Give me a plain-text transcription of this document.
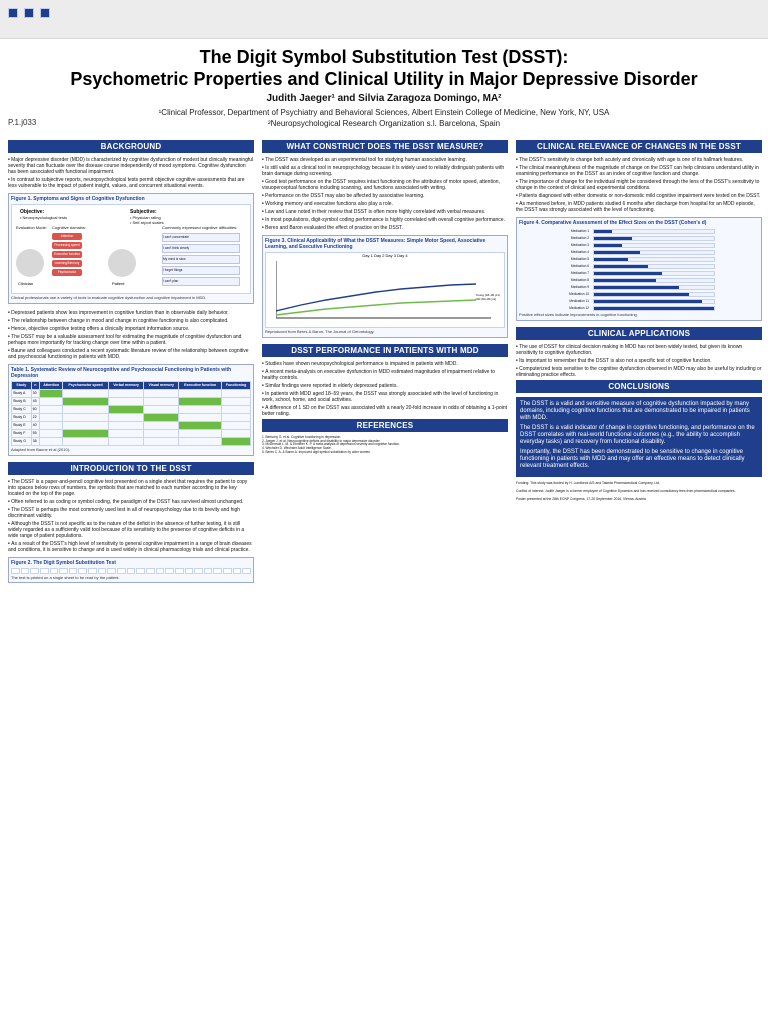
P.1.j033
The Digit Symbol Substitution Test (DSST):
Psychometric Properties and Clinical Utility in Major Depressive Disorder
Judith Jaeger¹ and Silvia Zaragoza Domingo, MA²
¹Clinical Professor, Department of Psychiatry and Behavioral Sciences, Albert Einstein College of Medicine, New York, NY, USA
²Neuropsychological Research Organization s.l. Barcelona, Spain
BACKGROUND
• Major depressive disorder (MDD) is characterized by cognitive dysfunction of modest but clinically meaningful severity that can fluctuate over the disease course independently of mood symptoms. Cognitive dysfunction has been associated with functional impairment.
• In contrast to subjective reports, neuropsychological tests permit objective cognitive assessments that are less vulnerable to the impact of patient insight, values, and concurrent situational events.
Figure 1. Symptoms and Signs of Cognitive Dysfunction
Objective:
• Neuropsychological tests
Subjective:
• Physician rating
• Self-report scales
Evaluation Mode: Cognitive domains:	Commonly expressed cognitive difficulties:
Attention
Processing speed
Executive function
Learning/Memory
Psychomotor
I can't concentrate
I can't think clearly
My mind is slow
I forget things
I can't plan
Clinician	Patient
Clinical professionals use a variety of tools to evaluate cognitive dysfunction and cognitive impairment in MDD.
• Depressed patients show less improvement in cognitive function than in observable daily behavior.
• The relationship between change in mood and change in cognitive functioning is also complicated.
• Hence, objective cognitive testing offers a clinically important information source.
• The DSST may be a valuable assessment tool for estimating the magnitude of cognitive dysfunction and perhaps more importantly for tracking change over time within a patient.
• Baune and colleagues conducted a recent systematic literature review of the relationship between cognitive and psychosocial functioning in patients with MDD.
Table 1. Systematic Review of Neurocognitive and Psychosocial Functioning in Patients with Depression
Study	n	Attention	Psychomotor speed	Verbal memory	Visual memory	Executive function	Functioning
Study A	30						
Study B	45						
Study C	60						
Study D	22						
Study E	40						
Study F	55						
Study G	38						
Adapted from Baune et al (2010).
INTRODUCTION TO THE DSST
• The DSST is a paper-and-pencil cognitive test presented on a single sheet that requires the patient to copy into spaces below rows of numbers, the symbols that are matched to each number according to the key located on the top of the page.
• Often referred to as coding or symbol coding, the paradigm of the DSST has survived almost unchanged.
• The DSST is perhaps the most commonly used test in all of neuropsychology due to its brevity and high discriminant validity.
• Although the DSST is not specific as to the nature of the deficit in the absence of further testing, it is still widely regarded as a sufficiently valid tool because of its sensitivity to the presence of cognitive deficits in a wide range of patient populations.
• As a result of the DSST's high level of sensitivity to general cognitive impairment in a range of brain diseases and conditions, it is sensitive to change and is used widely in clinical pharmacology trials and clinical practice.
Figure 2. The Digit Symbol Substitution Test
The test is printed on a single sheet to be read by the patient.
WHAT CONSTRUCT DOES THE DSST MEASURE?
• The DSST was developed as an experimental tool for studying human associative learning.
• Is still valid as a clinical tool in neuropsychology because it is widely used to reliably distinguish patients with brain damage during screening.
• Good test performance on the DSST requires intact functioning on the attributes of motor speed, attention, visuoperceptual functions including scanning, and functions associated with writing.
• Performance on the DSST may also be affected by associative learning.
• Working memory and executive functions also play a role.
• Law and Lane noted in their review that DSST is often more highly correlated with verbal measures.
• In most populations, digit-symbol coding performance is highly correlated with overall cognitive performance.
• Beres and Baron evaluated the effect of practice on the DSST.
Figure 3. Clinical Applicability of What the DSST Measures: Simple Motor Speed, Associative Learning, and Executive Functioning
Day 1 Day 2 Day 3 Day 4
Young (18–30 yrs)
Old (60–80 yrs)
Reproduced from Beres & Baron, The Journal of Gerontology.
DSST PERFORMANCE IN PATIENTS WITH MDD
• Studies have shown neuropsychological performance is impaired in patients with MDD.
• A recent meta-analysis on executive dysfunction in MDD estimated magnitudes of impairment relative to healthy controls.
• Similar findings were reported in elderly depressed patients.
• In patients with MDD aged 18–59 years, the DSST was strongly associated with the level of functioning in work, school, home, and social activities.
• A difference of 1 SD on the DSST was associated with a nearly 20-fold increase in odds of obtaining a 1-point better rating.
REFERENCES
1. Bertschy G. et al. Cognitive functioning in depression.
2. Jaeger J. et al. Neurocognitive deficits and disability in major depressive disorder.
3. McDermott L. M. & Ebmeier K. P. A meta-analysis of depression severity and cognitive function.
4. Wechsler D. Wechsler Adult Intelligence Scale.
5. Beres C. A. & Baron A. Improved digit symbol substitution by older women.
CLINICAL RELEVANCE OF CHANGES IN THE DSST
• The DSST's sensitivity to change both acutely and chronically with age is one of its hallmark features.
• The clinical meaningfulness of the magnitude of change on the DSST can help clinicians understand utility in examining performance on the DSST as an index of cognitive function and change.
• The importance of change for the individual might be considered through the lens of the DSST's sensitivity to change in the context of clinical and experimental conditions.
• Patients diagnosed with either domestic or non-domestic mild cognitive impairment were tested on the DSST.
• As mentioned before, in MDD patients studied 6 months after discharge from hospital for an MDD episode, the DSST was strongly associated with the level of functioning.
Figure 4. Comparative Assessment of the Effect Sizes on the DSST (Cohen's d)
Medication 1
Medication 2
Medication 3
Medication 4
Medication 5
Medication 6
Medication 7
Medication 8
Medication 9
Medication 10
Medication 11
Medication 12
Positive effect sizes indicate improvements in cognitive functioning.
CLINICAL APPLICATIONS
• The use of DSST for clinical decision making in MDD has not been widely tested, but given its known sensitivity to cognitive dysfunction.
• Its important to remember that the DSST is also not a specific test of cognitive function.
• Computerized tests sensitive to the cognitive dysfunction observed in MDD may also be useful by including or eliminating practice effects.
CONCLUSIONS
The DSST is a valid and sensitive measure of cognitive dysfunction impacted by many domains, including cognitive functions that are demonstrated to be impaired in patients with MDD.
The DSST is a valid indicator of change in cognitive functioning, and performance on the DSST correlates with real-world functional outcomes (e.g., the ability to accomplish everyday tasks) and recovery from functional disability.
Importantly, the DSST has been demonstrated to be sensitive to change in cognitive functioning in patients with MDD and may offer an effective means to detect clinically relevant treatment effects.
Funding: This study was funded by H. Lundbeck A/S and Takeda Pharmaceutical Company, Ltd.
Conflict of interest: Judith Jaeger is a former employee of Cognitive Dynamics and has received consultancy fees from pharmaceutical companies.
Poster presented at the 28th ECNP Congress, 17-20 September 2016, Vienna, Austria
